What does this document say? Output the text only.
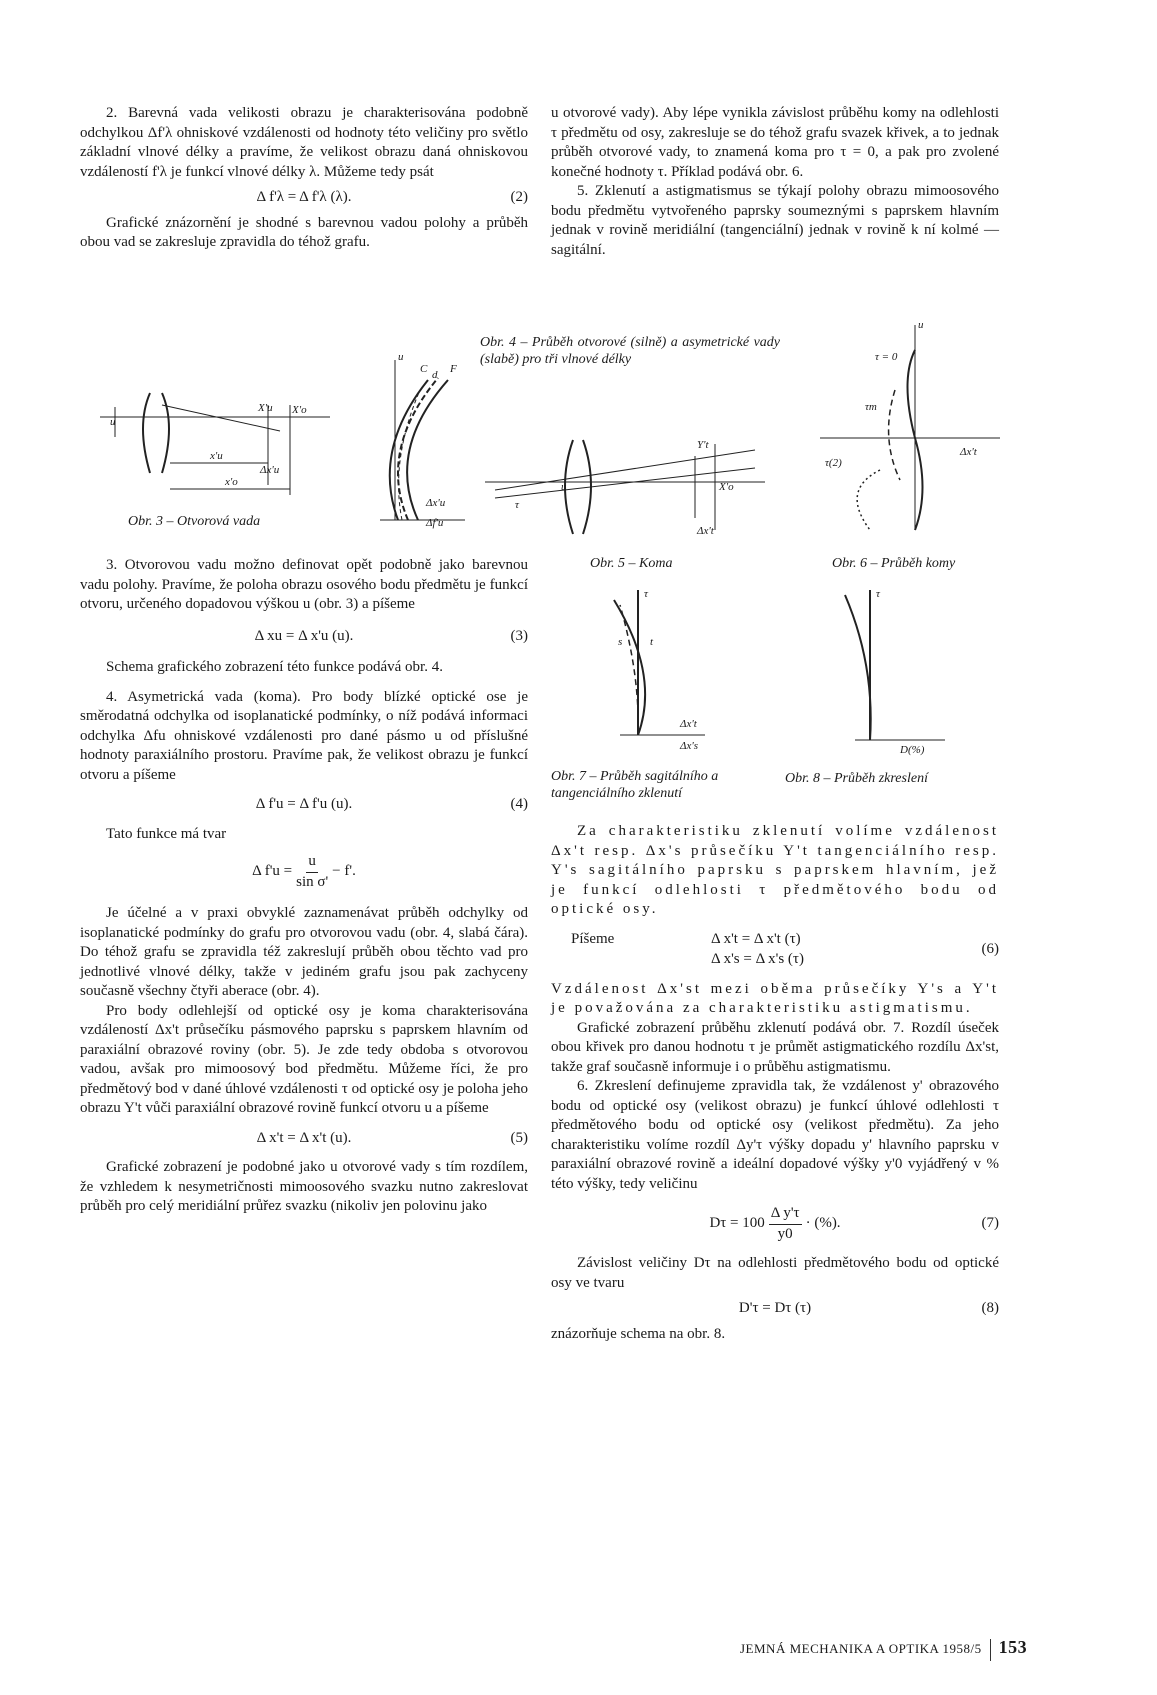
2. Barevná vada velikosti obrazu je charakterisována podobně odchylkou Δf'λ ohniskové vzdálenosti od hodnoty této veličiny pro světlo základní vlnové délky a pravíme, že velikost obrazu daná ohniskovou vzdáleností f'λ je funkcí vlnové délky λ. Můžeme tedy psát

Δ f'λ = Δ f'λ (λ).	(2)

Grafické znázornění je shodné s barevnou vadou polohy a průběh obou vad se zakresluje zpravidla do téhož grafu.

3. Otvorovou vadu možno definovat opět podobně jako barevnou vadu polohy. Pravíme, že poloha obrazu osového bodu předmětu je funkcí otvoru, určeného dopadovou výškou u (obr. 3) a píšeme

Δ xu = Δ x'u (u).	(3)

Schema grafického zobrazení této funkce podává obr. 4.

4. Asymetrická vada (koma). Pro body blízké optické ose je směrodatná odchylka od isoplanatické podmínky, o níž podává informaci odchylka Δfu ohniskové vzdálenosti pro dané pásmo u od příslušné hodnoty paraxiálního prostoru. Pravíme pak, že velikost obrazu je funkcí otvoru a píšeme

Δ f'u = Δ f'u (u).	(4)

Tato funkce má tvar

Δ $f'u = \frac{u}{\text{sin σ'}} - f'$.

Je účelné a v praxi obvyklé zaznamenávat průběh odchylky od isoplanatické podmínky do grafu pro otvorovou vadu (obr. 4, slabá čára). Do téhož grafu se zpravidla též zakreslují průběh obou těchto vad pro jednotlivé vlnové délky, takže v jediném grafu jsou pak zachyceny současně všechny čtyři aberace (obr. 4).

Pro body odlehlejší od optické osy je koma charakterisována vzdáleností Δx't průsečíku pásmového paprsku s paprskem hlavním od paraxiální obrazové roviny (obr. 5). Je zde tedy obdoba s otvorovou vadou, avšak pro mimoosový bod předmětu. Můžeme říci, že pro předmětový bod v dané úhlové vzdálenosti τ od optické osy je poloha jeho obrazu Y't vůči paraxiální obrazové rovině funkcí otvoru u a píšeme

Δ x't = Δ x't (u).	(5)

Grafické zobrazení je podobné jako u otvorové vady s tím rozdílem, že vzhledem k nesymetričnosti mimoosového svazku nutno zakreslovat průběh pro celý meridiální průřez svazku (nikoliv jen polovinu jako

u otvorové vady). Aby lépe vynikla závislost průběhu komy na odlehlosti τ předmětu od osy, zakresluje se do téhož grafu svazek křivek, a to jednak průběh otvorové vady, to znamená koma pro τ = 0, a pak pro zvolené konečné hodnoty τ. Příklad podává obr. 6.

5. Zklenutí a astigmatismus se týkají polohy obrazu mimoosového bodu předmětu vytvořeného paprsky soumeznými s paprskem hlavním jednak v rovině meridiální (tangenciální) jednak v rovině k ní kolmé — sagitální.

Za charakteristiku zklenutí volíme vzdálenost Δx't resp. Δx's průsečíku Y't tangenciálního resp. Y's sagitálního paprsku s paprskem hlavním, jež je funkcí odlehlosti τ předmětového bodu od optické osy.

Píšeme	Δ x't = Δ x't (τ)
Δ x's = Δ x's (τ)
(6)

Vzdálenost Δx'st mezi oběma průsečíky Y's a Y't je považována za charakteristiku astigmatismu.

Grafické zobrazení průběhu zklenutí podává obr. 7. Rozdíl úseček obou křivek pro danou hodnotu τ je průmět astigmatického rozdílu Δx'st, takže graf současně informuje i o průběhu astigmatismu.

6. Zkreslení definujeme zpravidla tak, že vzdálenost y' obrazového bodu od optické osy (velikost obrazu) je funkcí úhlové odlehlosti τ předmětového bodu od optické osy (velikost předmětu). Za jeho charakteristiku volíme rozdíl Δy'τ výšky dopadu y' hlavního paprsku v paraxiální obrazové rovině a ideální dopadové výšky y'0 vyjádřený v % této výšky, tedy veličinu

$D\tau = 100 \frac{\text{Δ y'τ}}{y0}$ · (%).	(7)

Závislost veličiny Dτ na odlehlosti předmětového bodu od optické osy ve tvaru

D'τ = Dτ (τ)	(8)

znázorňuje schema na obr. 8.

u
X'u X'o
x'u
Δx'u
x'o
u
C d F
Δx'u
Δf'u
Y't
X'o
u
τ
Δx't
u
τ = 0
τm
τ(2)
Δx't
τ
s	t
Δx't
Δx's
τ
D(%)
Obr. 3 – Otvorová vada
Obr. 4 – Průběh otvorové (silně) a asymetrické vady (slabě) pro tři vlnové délky
Obr. 5 – Koma	Obr. 6 – Průběh komy
Obr. 7 – Průběh sagitálního a tangenciálního zklenutí
Obr. 8 – Průběh zkreslení
JEMNÁ MECHANIKA A OPTIKA 1958/5 153
